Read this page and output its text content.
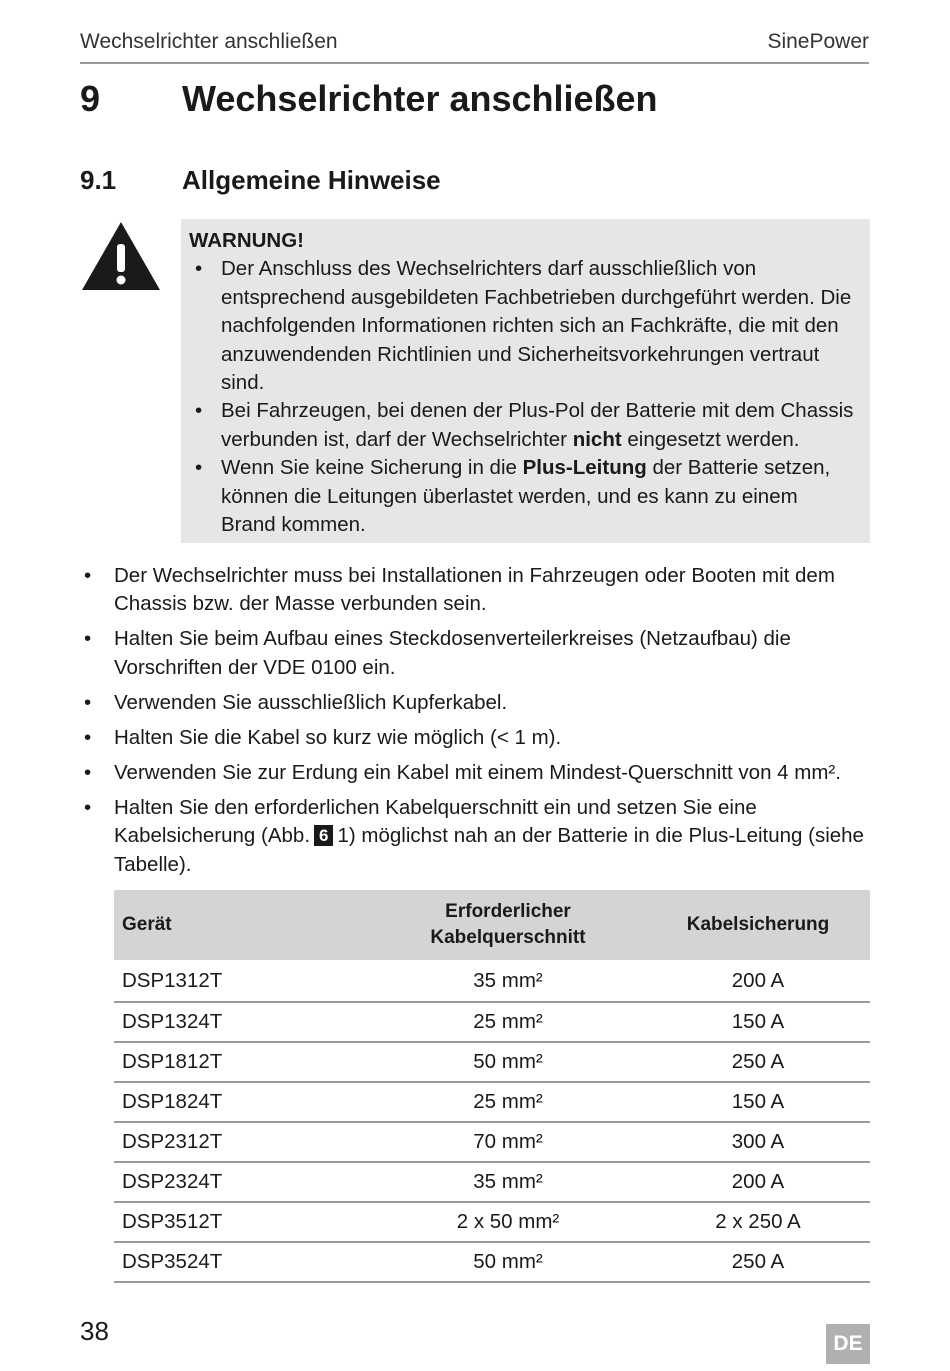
Wechselrichter anschließen	SinePower
9	Wechselrichter anschließen
9.1	Allgemeine Hinweise
WARNUNG!
• Der Anschluss des Wechselrichters darf ausschließlich von entsprechend ausgebildeten Fachbetrieben durchgeführt werden. Die nachfolgenden Informationen richten sich an Fachkräfte, die mit den anzuwendenden Richtlinien und Sicherheitsvorkehrungen vertraut sind.
• Bei Fahrzeugen, bei denen der Plus-Pol der Batterie mit dem Chassis verbunden ist, darf der Wechselrichter nicht eingesetzt werden.
• Wenn Sie keine Sicherung in die Plus-Leitung der Batterie setzen, können die Leitungen überlastet werden, und es kann zu einem Brand kommen.
• Der Wechselrichter muss bei Installationen in Fahrzeugen oder Booten mit dem Chassis bzw. der Masse verbunden sein.
• Halten Sie beim Aufbau eines Steckdosenverteilerkreises (Netzaufbau) die Vorschriften der VDE 0100 ein.
• Verwenden Sie ausschließlich Kupferkabel.
• Halten Sie die Kabel so kurz wie möglich (< 1 m).
• Verwenden Sie zur Erdung ein Kabel mit einem Mindest-Querschnitt von 4 mm².
• Halten Sie den erforderlichen Kabelquerschnitt ein und setzen Sie eine Kabelsicherung (Abb. 6 1) möglichst nah an der Batterie in die Plus-Leitung (siehe Tabelle).
Gerät	Erforderlicher Kabelquerschnitt	Kabelsicherung
DSP1312T	35 mm²	200 A
DSP1324T	25 mm²	150 A
DSP1812T	50 mm²	250 A
DSP1824T	25 mm²	150 A
DSP2312T	70 mm²	300 A
DSP2324T	35 mm²	200 A
DSP3512T	2 x 50 mm²	2 x 250 A
DSP3524T	50 mm²	250 A
38	DE
